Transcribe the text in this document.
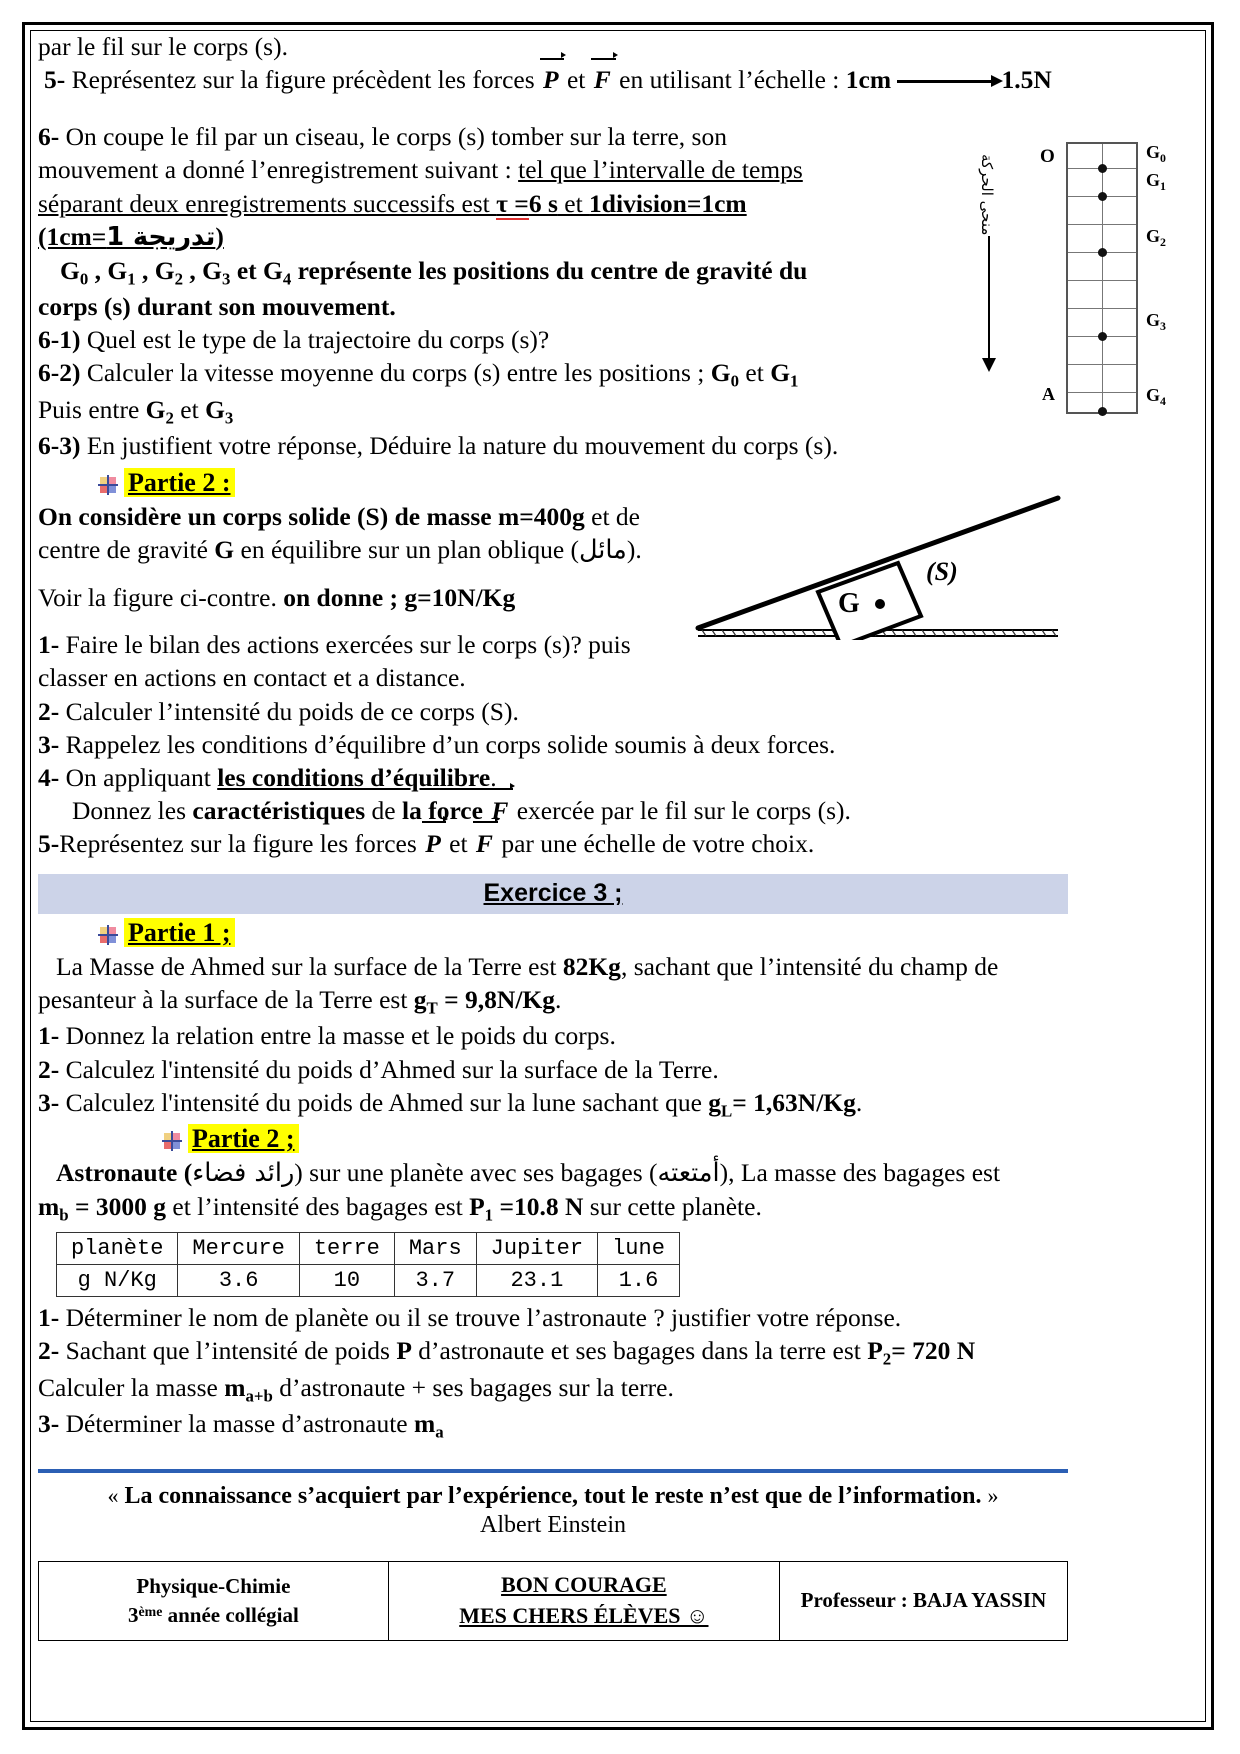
par le fil sur le corps (s).

5- Représentez sur la figure précèdent les forces P et F en utilisant l’échelle : 1cm	1.5N

6- On coupe le fil par un ciseau, le corps (s) tomber sur la terre, son

mouvement a donné l’enregistrement suivant : tel que l’intervalle de temps

séparant deux enregistrements successifs est τ =6 s et 1division=1cm

(1cm=تدريجة 1)

$G_0$ , $G_1$ , $G_2$ , $G_3$ et $G_4$ représente les positions du centre de gravité du

corps (s) durant son mouvement.

6-1) Quel est le type de la trajectoire du corps (s)?

6-2) Calculer la vitesse moyenne du corps (s) entre les positions ; $G_0$ et $G_1$

Puis entre $G_2$ et $G_3$

6-3) En justifient votre réponse, Déduire la nature du mouvement du corps (s).

Partie 2 :

On considère un corps solide (S) de masse m=400g et de

centre de gravité G en équilibre sur un plan oblique (مائل).

Voir la figure ci-contre. on donne ; g=10N/Kg

1- Faire le bilan des actions exercées sur le corps (s)? puis

classer en actions en contact et a distance.

2- Calculer l’intensité du poids de ce corps (S).

3- Rappelez les conditions d’équilibre d’un corps solide soumis à deux forces.

4- On appliquant les conditions d’équilibre.

Donnez les caractéristiques de la force F exercée par le fil sur le corps (s).

5-Représentez sur la figure les forces P et F par une échelle de votre choix.

Exercice 3 ;

Partie 1 ;

La Masse de Ahmed sur la surface de la Terre est 82Kg, sachant que l’intensité du champ de

pesanteur à la surface de la Terre est $g_T = 9,8N/Kg$.

1- Donnez la relation entre la masse et le poids du corps.

2- Calculez l'intensité du poids d’Ahmed sur la surface de la Terre.

3- Calculez l'intensité du poids de Ahmed sur la lune sachant que $g_L= 1,63N/Kg$.

Partie 2 ;

Astronaute (رائد فضاء) sur une planète avec ses bagages (أمتعته), La masse des bagages est

$m_b = 3000$ g et l’intensité des bagages est $P_1 =10.8$ N sur cette planète.

planète	Mercure	terre	Mars	Jupiter	lune
g N/Kg	3.6	10	3.7	23.1	1.6

1- Déterminer le nom de planète ou il se trouve l’astronaute ? justifier votre réponse.

2- Sachant que l’intensité de poids P d’astronaute et ses bagages dans la terre est $P_2= 720$ N

Calculer la masse $m_{a+b}$ d’astronaute + ses bagages sur la terre.

3- Déterminer la masse d’astronaute $m_a$

« La connaissance s’acquiert par l’expérience, tout le reste n’est que de l’information. »

Albert Einstein

Physique-Chimie
3ème année collégial

BON COURAGE
MES CHERS ÉLÈVES ☺

Professeur : BAJA YASSIN
منحى الحركة O
A
$G_0$
$G_1$
$G_2$
$G_3$
$G_4$
G
(S)
